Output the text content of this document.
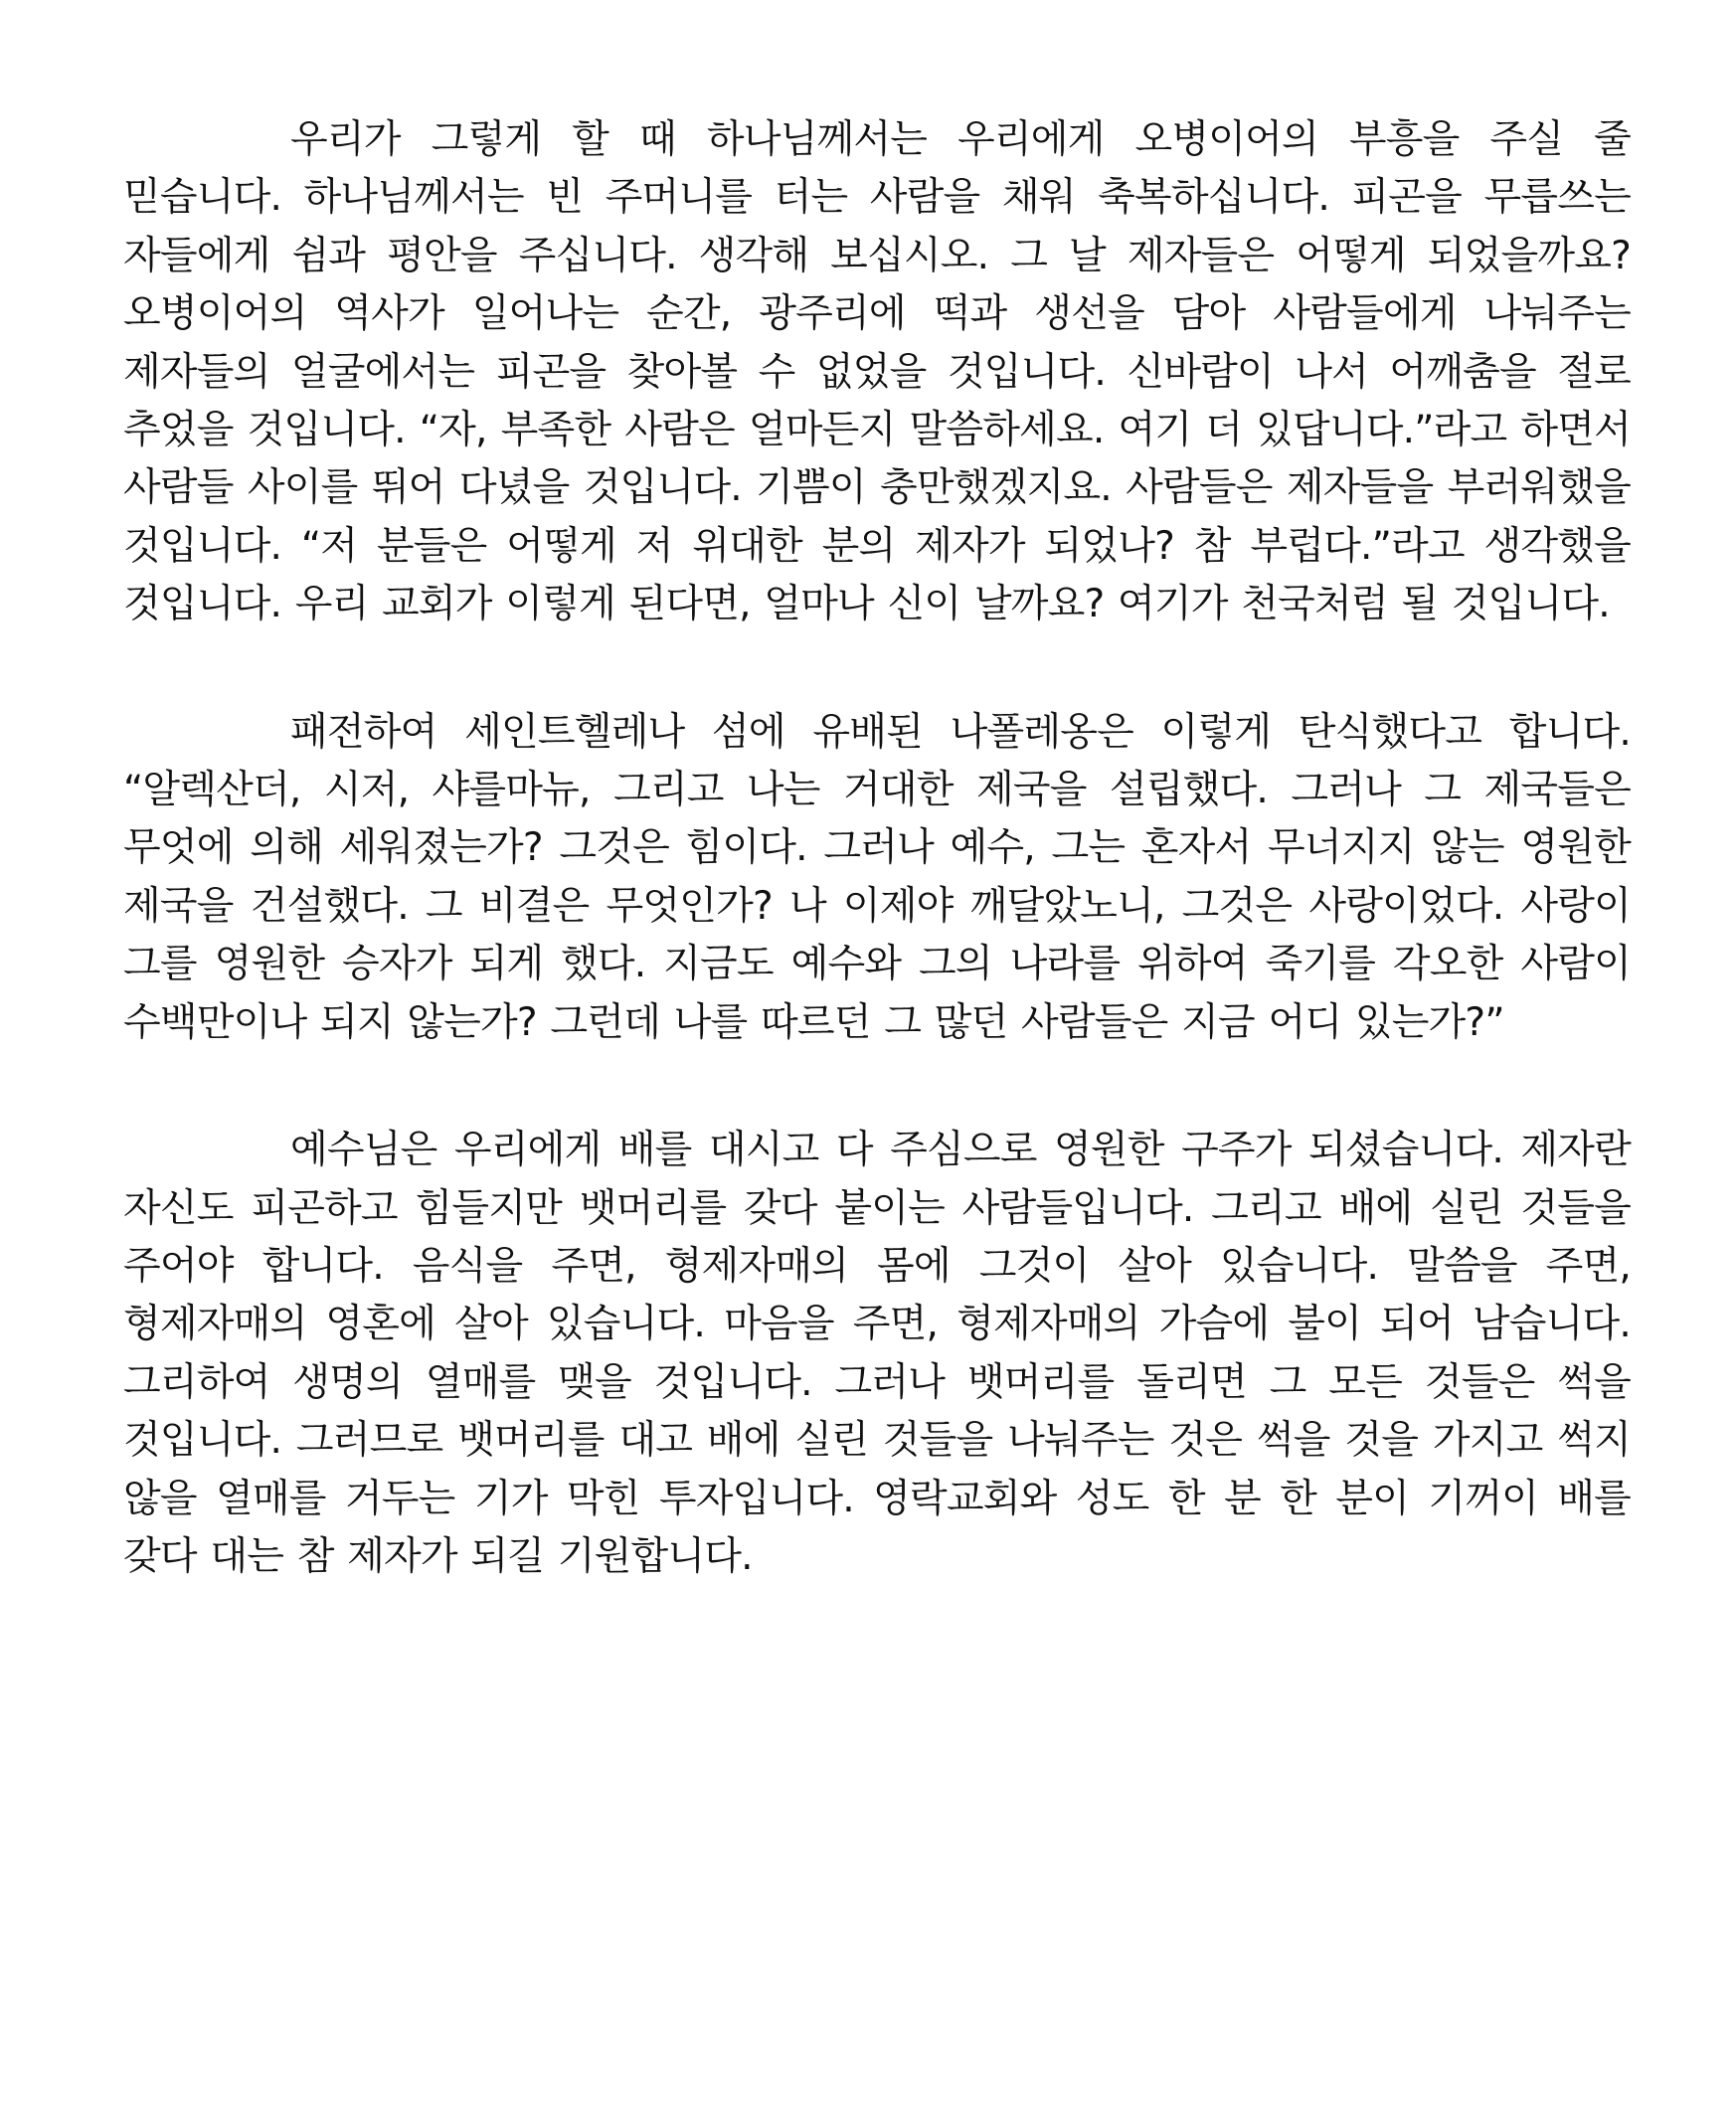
우리가 그렇게 할 때 하나님께서는 우리에게 오병이어의 부흥을 주실 줄 믿습니다. 하나님께서는 빈 주머니를 터는 사람을 채워 축복하십니다. 피곤을 무릅쓰는 자들에게 쉼과 평안을 주십니다. 생각해 보십시오. 그 날 제자들은 어떻게 되었을까요? 오병이어의 역사가 일어나는 순간, 광주리에 떡과 생선을 담아 사람들에게 나눠주는 제자들의 얼굴에서는 피곤을 찾아볼 수 없었을 것입니다. 신바람이 나서 어깨춤을 절로 추었을 것입니다. “자, 부족한 사람은 얼마든지 말씀하세요. 여기 더 있답니다.”라고 하면서 사람들 사이를 뛰어 다녔을 것입니다. 기쁨이 충만했겠지요. 사람들은 제자들을 부러워했을 것입니다. “저 분들은 어떻게 저 위대한 분의 제자가 되었나? 참 부럽다.”라고 생각했을 것입니다. 우리 교회가 이렇게 된다면, 얼마나 신이 날까요? 여기가 천국처럼 될 것입니다.

패전하여 세인트헬레나 섬에 유배된 나폴레옹은 이렇게 탄식했다고 합니다. “알렉산더, 시저, 샤를마뉴, 그리고 나는 거대한 제국을 설립했다. 그러나 그 제국들은 무엇에 의해 세워졌는가? 그것은 힘이다. 그러나 예수, 그는 혼자서 무너지지 않는 영원한 제국을 건설했다. 그 비결은 무엇인가? 나 이제야 깨달았노니, 그것은 사랑이었다. 사랑이 그를 영원한 승자가 되게 했다. 지금도 예수와 그의 나라를 위하여 죽기를 각오한 사람이 수백만이나 되지 않는가? 그런데 나를 따르던 그 많던 사람들은 지금 어디 있는가?”

예수님은 우리에게 배를 대시고 다 주심으로 영원한 구주가 되셨습니다. 제자란 자신도 피곤하고 힘들지만 뱃머리를 갖다 붙이는 사람들입니다. 그리고 배에 실린 것들을 주어야 합니다. 음식을 주면, 형제자매의 몸에 그것이 살아 있습니다. 말씀을 주면, 형제자매의 영혼에 살아 있습니다. 마음을 주면, 형제자매의 가슴에 불이 되어 남습니다. 그리하여 생명의 열매를 맺을 것입니다. 그러나 뱃머리를 돌리면 그 모든 것들은 썩을 것입니다. 그러므로 뱃머리를 대고 배에 실린 것들을 나눠주는 것은 썩을 것을 가지고 썩지 않을 열매를 거두는 기가 막힌 투자입니다. 영락교회와 성도 한 분 한 분이 기꺼이 배를 갖다 대는 참 제자가 되길 기원합니다.
